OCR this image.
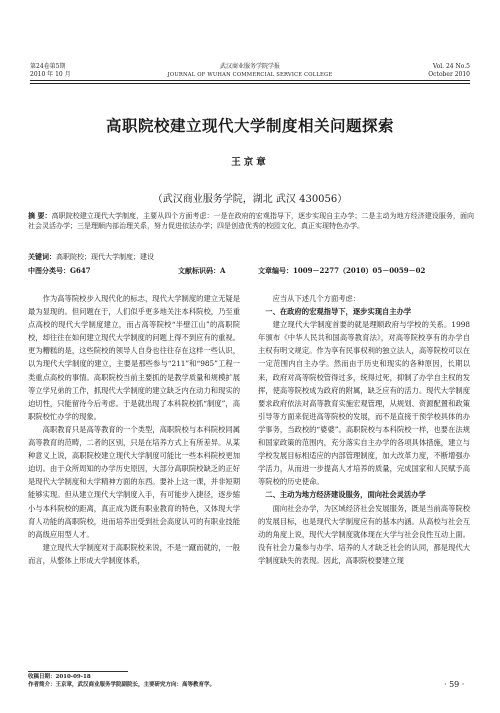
第24卷第5期
2010 年 10 月
武汉商业服务学院学报
JOURNAL OF WUHAN COMMERCIAL SERVICE COLLEGE
Vol. 24 No.5
October 2010
高职院校建立现代大学制度相关问题探索
王京章
（武汉商业服务学院，湖北 武汉 430056）
摘 要：高职院校建立现代大学制度，主要从四个方面考虑：一是在政府的宏观指导下，逐步实现自主办学；二是主动为地方经济建设服务，面向社会灵活办学；三是理顺内部治理关系，努力促进依法办学；四是创造优秀的校园文化，真正实现特色办学。
关键词：高职院校；现代大学制度；建设
中图分类号：G647	文献标识码：A	文章编号：1009－2277（2010）05－0059－02

作为高等院校步入现代化的标志，现代大学制度的建立无疑是最为显现的。但问题在于，人们似乎更多地关注本科院校，乃至重点高校的现代大学制度建立，而占高等院校“半壁江山”的高职院校，却往往在如何建立现代大学制度的问题上得不到应有的重视。更为糟糕的是，这些院校的领导人自身也往往存在这样一些认识，以为现代大学制度的建立，主要是那些参与“211”和“985”工程一类重点高校的事情。高职院校当前主要抓的是教学质量和规模扩展等立学兄弟的工作，抓现代大学制度的建立缺乏内在动力和现实的迫切性，只能留待今后考虑。于是就出现了本科院校抓“制度”，高职院校忙办学的现象。

高职教育只是高等教育的一个类型，高职院校与本科院校同属高等教育的范畴，二者的区别，只是在培养方式上有所差异。从某种意义上说，高职院校建立现代大学制度可能比一些本科院校更加迫切。由于众所周知的办学历史原因，大部分高职院校缺乏的正好是现代大学制度和大学精神方面的东西。要补上这一课，并非短期能够实现。但从建立现代大学制度入手，有可能步入捷径，逐步缩小与本科院校的距离，真正成为既有职业教育的特色，又体现大学育人功能的高职院校，进而培养出受到社会高度认可的有职业技能的高级应用型人才。

建立现代大学制度对于高职院校来说，不是一蹴而就的，一般而言，从整体上形成大学制度体系，

应当从下述几个方面考虑：

一、在政府的宏观指导下，逐步实现自主办学

建立现代大学制度首要的就是理顺政府与学校的关系。1998年颁布《中华人民共和国高等教育法》，对高等院校享有的办学自主权有明文规定。作为享有民事权利的独立法人，高等院校可以在一定范围内自主办学。然而由于历史和现实的各种原因，长期以来，政府对高等院校管得过多，统得过死，抑制了办学自主权的发挥，使高等院校成为政府的附属，缺乏应有的活力。现代大学制度要求政府依法对高等教育实施宏观管理，从规划、资源配置和政策引导等方面来促进高等院校的发展，而不是直接干预学校具体的办学事务，当政校的“婆婆”。高职院校与本科院校一样，也要在法规和国家政策的范围内，充分落实自主办学的各项具体措施，建立与学校发展目标相适应的内部管理制度，加大改革力度，不断增强办学活力，从而进一步提高人才培养的质量，完成国家和人民赋予高等院校的历史使命。

二、主动为地方经济建设服务，面向社会灵活办学

面向社会办学，为区域经济社会发展服务，既是当前高等院校的发展目标，也是现代大学制度应有的基本内涵。从高校与社会互动的角度上说，现代大学制度就体现在大学与社会良性互动上面。没有社会力量参与办学、培养的人才缺乏社会的认同，都是现代大学制度缺失的表现。因此，高职院校要建立现

收稿日期：2010-09-18
作者简介：王京章，武汉商业服务学院副院长，主要研究方向：高等教育学。	· 59 ·
